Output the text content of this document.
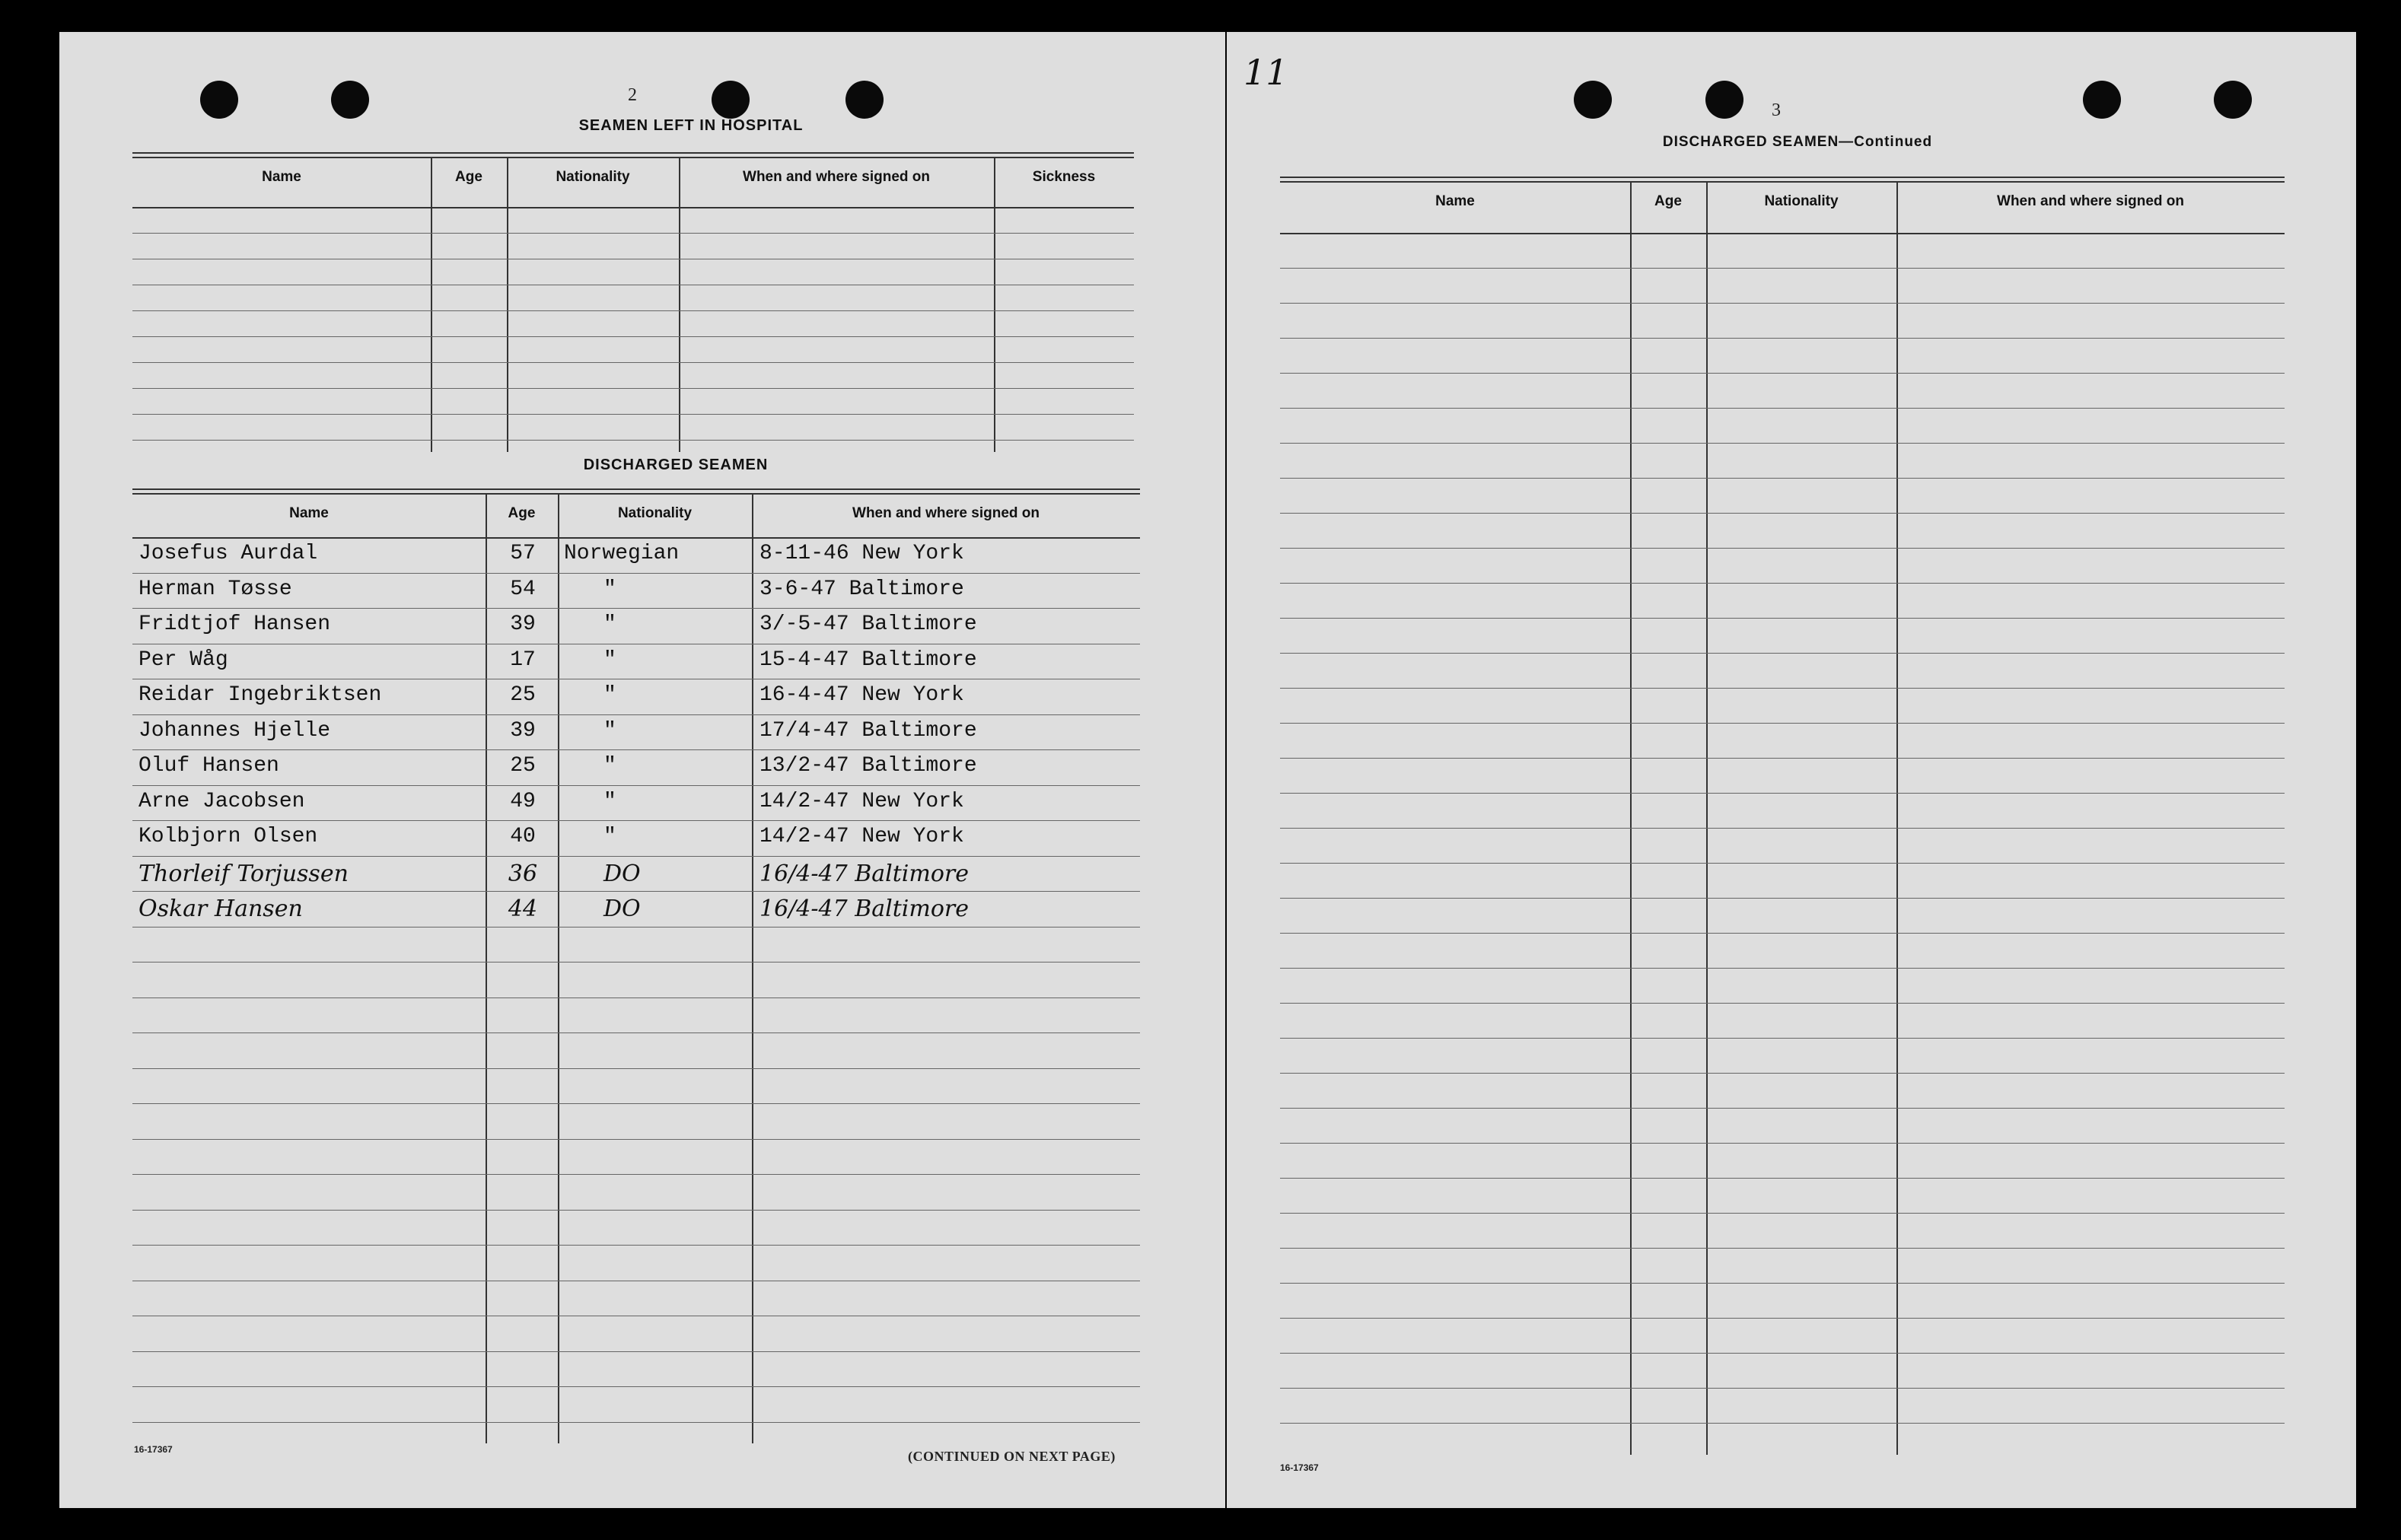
2
SEAMEN LEFT IN HOSPITAL
Name	Age	Nationality	When and where signed on	Sickness
DISCHARGED SEAMEN
Name	Age	Nationality	When and where signed on
Josefus Aurdal	57	Norwegian	8-11-46 New York
Herman Tøsse	54	"	3-6-47 Baltimore
Fridtjof Hansen	39	"	3/-5-47 Baltimore
Per Wåg	17	"	15-4-47 Baltimore
Reidar Ingebriktsen	25	"	16-4-47 New York
Johannes Hjelle	39	"	17/4-47 Baltimore
Oluf Hansen	25	"	13/2-47 Baltimore
Arne Jacobsen	49	"	14/2-47 New York
Kolbjorn Olsen	40	"	14/2-47 New York
Thorleif Torjussen	36	DO	16/4-47 Baltimore
Oskar Hansen	44	DO	16/4-47 Baltimore
16-17367	(CONTINUED ON NEXT PAGE)
11
3
DISCHARGED SEAMEN—Continued
Name	Age	Nationality	When and where signed on
16-17367
